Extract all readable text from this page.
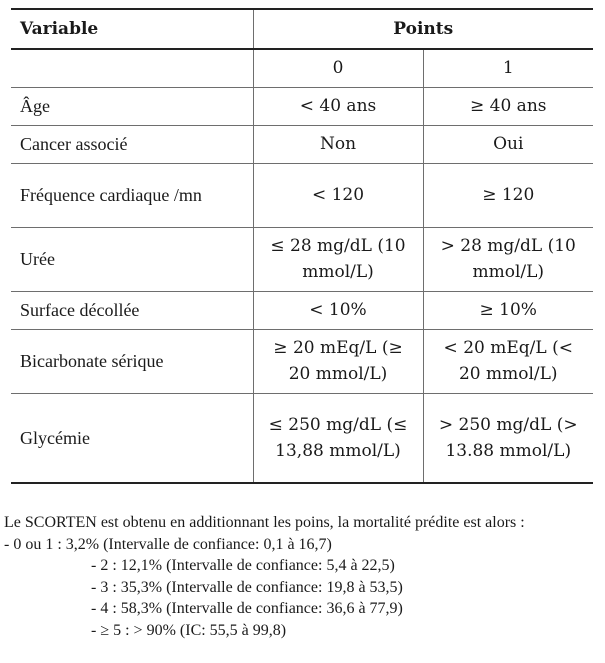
Variable	Points	
	0	1
Âge	< 40 ans	≥ 40 ans
Cancer associé	Non	Oui
Fréquence cardiaque /mn	< 120	≥ 120
Urée	≤ 28 mg/dL (10 mmol/L)	> 28 mg/dL (10 mmol/L)
Surface décollée	< 10%	≥ 10%
Bicarbonate sérique	≥ 20 mEq/L (≥ 20 mmol/L)	< 20 mEq/L (< 20 mmol/L)
Glycémie	≤ 250 mg/dL (≤ 13,88 mmol/L)	> 250 mg/dL (> 13.88 mmol/L)
Le SCORTEN est obtenu en additionnant les poins, la mortalité prédite est alors :
- 0 ou 1 : 3,2% (Intervalle de confiance: 0,1 à 16,7)
- 2 : 12,1% (Intervalle de confiance: 5,4 à 22,5)
- 3 : 35,3% (Intervalle de confiance: 19,8 à 53,5)
- 4 : 58,3% (Intervalle de confiance: 36,6 à 77,9)
- ≥ 5 : > 90% (IC: 55,5 à 99,8)
